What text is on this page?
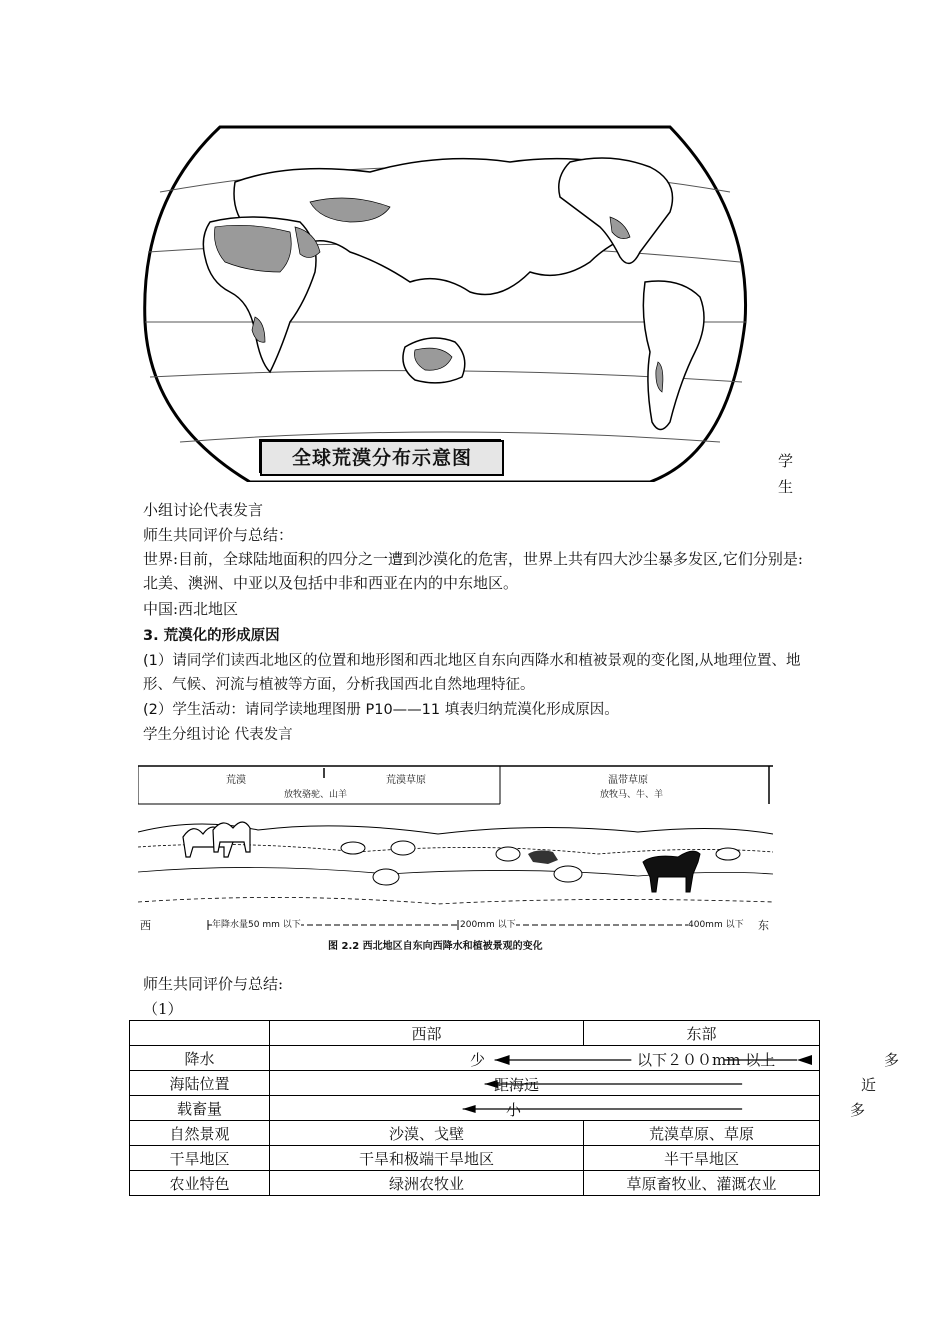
全球荒漠分布示意图	学
生
小组讨论代表发言
师生共同评价与总结：
世界:目前，全球陆地面积的四分之一遭到沙漠化的危害，世界上共有四大沙尘暴多发区,它们分别是:北美、澳洲、中亚以及包括中非和西亚在内的中东地区。
中国:西北地区
3. 荒漠化的形成原因
(1）请同学们读西北地区的位置和地形图和西北地区自东向西降水和植被景观的变化图,从地理位置、地形、气候、河流与植被等方面，分析我国西北自然地理特征。
(2）学生活动：请同学读地理图册 P10——11 填表归纳荒漠化形成原因。
学生分组讨论 代表发言
荒漠	荒漠草原	温带草原
放牧骆驼、山羊	放牧马、牛、羊
西	东
年降水量50 mm 以下	200mm 以下	400mm 以下
图 2.2 西北地区自东向西降水和植被景观的变化
师生共同评价与总结:
（1）
	西部	东部
降水	少 以下２００mm 以上 多	

海陆位置	距海远 近	

载畜量	小 多	

自然景观	沙漠、戈壁	荒漠草原、草原
干旱地区	干旱和极端干旱地区	半干旱地区
农业特色	绿洲农牧业	草原畜牧业、灌溉农业
